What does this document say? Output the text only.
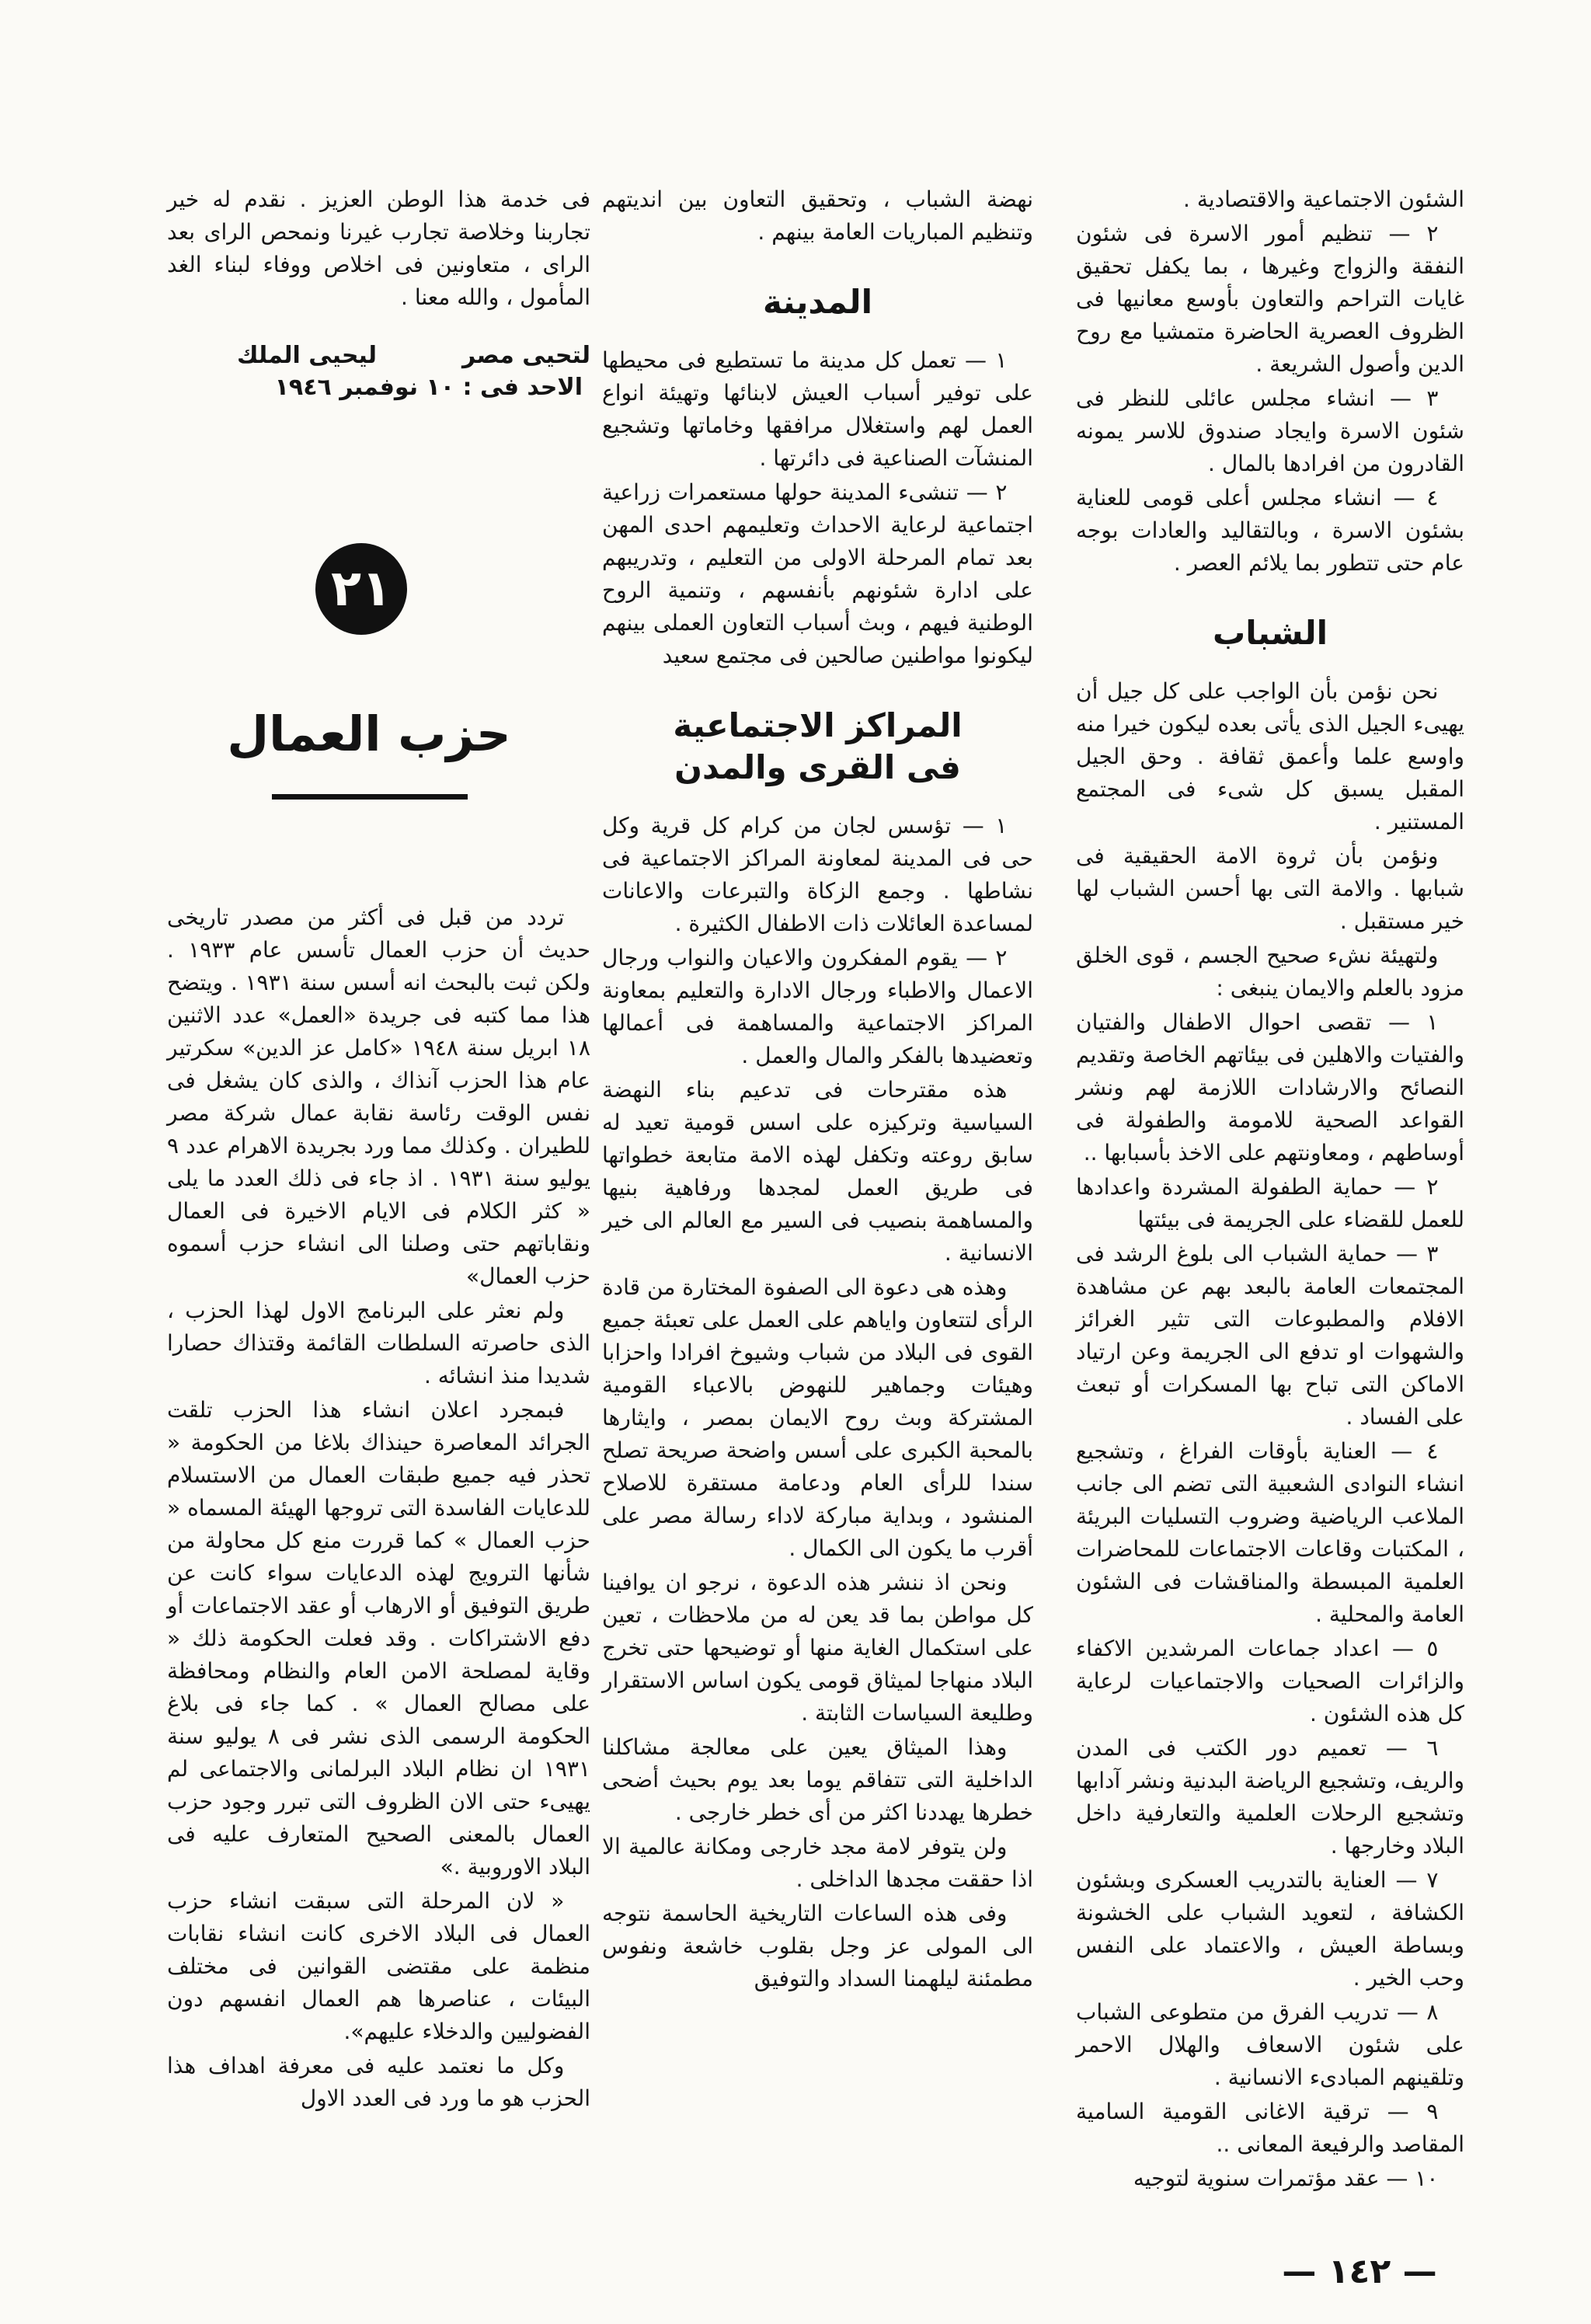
الشئون الاجتماعية والاقتصادية .

٢ — تنظيم أمور الاسرة فى شئون النفقة والزواج وغيرها ، بما يكفل تحقيق غايات التراحم والتعاون بأوسع معانيها فى الظروف العصرية الحاضرة متمشيا مع روح الدين وأصول الشريعة .

٣ — انشاء مجلس عائلى للنظر فى شئون الاسرة وايجاد صندوق للاسر يمونه القادرون من افرادها بالمال .

٤ — انشاء مجلس أعلى قومى للعناية بشئون الاسرة ، وبالتقاليد والعادات بوجه عام حتى تتطور بما يلائم العصر .

الشباب

نحن نؤمن بأن الواجب على كل جيل أن يهيىء الجيل الذى يأتى بعده ليكون خيرا منه واوسع علما وأعمق ثقافة . وحق الجيل المقبل يسبق كل شىء فى المجتمع المستنير .

ونؤمن بأن ثروة الامة الحقيقية فى شبابها . والامة التى بها أحسن الشباب لها خير مستقبل .

ولتهيئة نشء صحيح الجسم ، قوى الخلق مزود بالعلم والايمان ينبغى :

١ — تقصى احوال الاطفال والفتيان والفتيات والاهلين فى بيئاتهم الخاصة وتقديم النصائح والارشادات اللازمة لهم ونشر القواعد الصحية للامومة والطفولة فى أوساطهم ، ومعاونتهم على الاخذ بأسبابها ..

٢ — حماية الطفولة المشردة واعدادها للعمل للقضاء على الجريمة فى بيئتها

٣ — حماية الشباب الى بلوغ الرشد فى المجتمعات العامة بالبعد بهم عن مشاهدة الافلام والمطبوعات التى تثير الغرائز والشهوات او تدفع الى الجريمة وعن ارتياد الاماكن التى تباح بها المسكرات أو تبعث على الفساد .

٤ — العناية بأوقات الفراغ ، وتشجيع انشاء النوادى الشعبية التى تضم الى جانب الملاعب الرياضية وضروب التسليات البريئة ، المكتبات وقاعات الاجتماعات للمحاضرات العلمية المبسطة والمناقشات فى الشئون العامة والمحلية .

٥ — اعداد جماعات المرشدين الاكفاء والزائرات الصحيات والاجتماعيات لرعاية كل هذه الشئون .

٦ — تعميم دور الكتب فى المدن والريف، وتشجيع الرياضة البدنية ونشر آدابها وتشجيع الرحلات العلمية والتعارفية داخل البلاد وخارجها .

٧ — العناية بالتدريب العسكرى وبشئون الكشافة ، لتعويد الشباب على الخشونة وبساطة العيش ، والاعتماد على النفس وحب الخير .

٨ — تدريب الفرق من متطوعى الشباب على شئون الاسعاف والهلال الاحمر وتلقينهم المبادىء الانسانية .

٩ — ترقية الاغانى القومية السامية المقاصد والرفيعة المعانى ..

١٠ — عقد مؤتمرات سنوية لتوجيه

نهضة الشباب ، وتحقيق التعاون بين انديتهم وتنظيم المباريات العامة بينهم .

المدينة

١ — تعمل كل مدينة ما تستطيع فى محيطها على توفير أسباب العيش لابنائها وتهيئة انواع العمل لهم واستغلال مرافقها وخاماتها وتشجيع المنشآت الصناعية فى دائرتها .

٢ — تنشىء المدينة حولها مستعمرات زراعية اجتماعية لرعاية الاحداث وتعليمهم احدى المهن بعد تمام المرحلة الاولى من التعليم ، وتدريبهم على ادارة شئونهم بأنفسهم ، وتنمية الروح الوطنية فيهم ، وبث أسباب التعاون العملى بينهم ليكونوا مواطنين صالحين فى مجتمع سعيد

المراكز الاجتماعية
فى القرى والمدن

١ — تؤسس لجان من كرام كل قرية وكل حى فى المدينة لمعاونة المراكز الاجتماعية فى نشاطها . وجمع الزكاة والتبرعات والاعانات لمساعدة العائلات ذات الاطفال الكثيرة .

٢ — يقوم المفكرون والاعيان والنواب ورجال الاعمال والاطباء ورجال الادارة والتعليم بمعاونة المراكز الاجتماعية والمساهمة فى أعمالها وتعضيدها بالفكر والمال والعمل .

هذه مقترحات فى تدعيم بناء النهضة السياسية وتركيزه على اسس قومية تعيد له سابق روعته وتكفل لهذه الامة متابعة خطواتها فى طريق العمل لمجدها ورفاهية بنيها والمساهمة بنصيب فى السير مع العالم الى خير الانسانية .

وهذه هى دعوة الى الصفوة المختارة من قادة الرأى لتتعاون واياهم على العمل على تعبئة جميع القوى فى البلاد من شباب وشيوخ افرادا واحزابا وهيئات وجماهير للنهوض بالاعباء القومية المشتركة وبث روح الايمان بمصر ، وايثارها بالمحبة الكبرى على أسس واضحة صريحة تصلح سندا للرأى العام ودعامة مستقرة للاصلاح المنشود ، وبداية مباركة لاداء رسالة مصر على أقرب ما يكون الى الكمال .

ونحن اذ ننشر هذه الدعوة ، نرجو ان يوافينا كل مواطن بما قد يعن له من ملاحظات ، تعين على استكمال الغاية منها أو توضيحها حتى تخرج البلاد منهاجا لميثاق قومى يكون اساس الاستقرار وطليعة السياسات الثابتة .

وهذا الميثاق يعين على معالجة مشاكلنا الداخلية التى تتفاقم يوما بعد يوم بحيث أضحى خطرها يهددنا اكثر من أى خطر خارجى .

ولن يتوفر لامة مجد خارجى ومكانة عالمية الا اذا حققت مجدها الداخلى .

وفى هذه الساعات التاريخية الحاسمة نتوجه الى المولى عز وجل بقلوب خاشعة ونفوس مطمئنة ليلهمنا السداد والتوفيق

فى خدمة هذا الوطن العزيز . نقدم له خير تجاربنا وخلاصة تجارب غيرنا ونمحص الراى بعد الراى ، متعاونين فى اخلاص ووفاء لبناء الغد المأمول ، والله معنا .

لتحيى مصر
ليحيى الملك
الاحد فى : ١٠ نوفمبر ١٩٤٦
٢١
حزب العمال

تردد من قبل فى أكثر من مصدر تاريخى حديث أن حزب العمال تأسس عام ١٩٣٣ . ولكن ثبت بالبحث انه أسس سنة ١٩٣١ . ويتضح هذا مما كتبه فى جريدة «العمل» عدد الاثنين ١٨ ابريل سنة ١٩٤٨ «كامل عز الدين» سكرتير عام هذا الحزب آنذاك ، والذى كان يشغل فى نفس الوقت رئاسة نقابة عمال شركة مصر للطيران . وكذلك مما ورد بجريدة الاهرام عدد ٩ يوليو سنة ١٩٣١ . اذ جاء فى ذلك العدد ما يلى « كثر الكلام فى الايام الاخيرة فى العمال ونقاباتهم حتى وصلنا الى انشاء حزب أسموه حزب العمال»

ولم نعثر على البرنامج الاول لهذا الحزب ، الذى حاصرته السلطات القائمة وقتذاك حصارا شديدا منذ انشائه .

فبمجرد اعلان انشاء هذا الحزب تلقت الجرائد المعاصرة حينذاك بلاغا من الحكومة « تحذر فيه جميع طبقات العمال من الاستسلام للدعايات الفاسدة التى تروجها الهيئة المسماه « حزب العمال » كما قررت منع كل محاولة من شأنها الترويج لهذه الدعايات سواء كانت عن طريق التوفيق أو الارهاب أو عقد الاجتماعات أو دفع الاشتراكات . وقد فعلت الحكومة ذلك « وقاية لمصلحة الامن العام والنظام ومحافظة على مصالح العمال » . كما جاء فى بلاغ الحكومة الرسمى الذى نشر فى ٨ يوليو سنة ١٩٣١ ان نظام البلاد البرلمانى والاجتماعى لم يهيىء حتى الان الظروف التى تبرر وجود حزب العمال بالمعنى الصحيح المتعارف عليه فى البلاد الاوروبية .»

« لان المرحلة التى سبقت انشاء حزب العمال فى البلاد الاخرى كانت انشاء نقابات منظمة على مقتضى القوانين فى مختلف البيئات ، عناصرها هم العمال انفسهم دون الفضوليين والدخلاء عليهم».

وكل ما نعتمد عليه فى معرفة اهداف هذا الحزب هو ما ورد فى العدد الاول

— ١٤٢ —
